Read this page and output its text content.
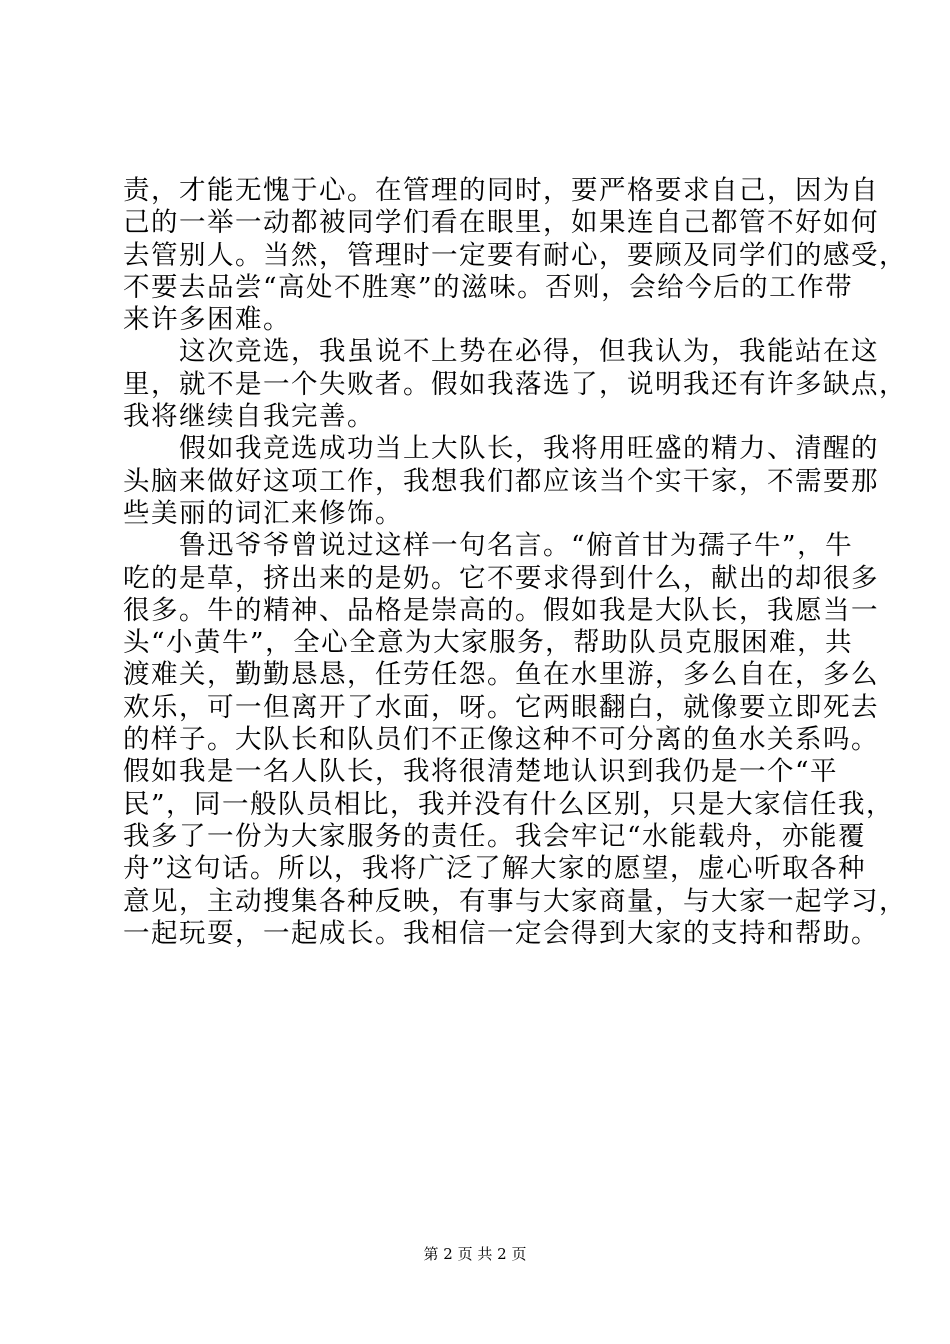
责，才能无愧于心。在管理的同时，要严格要求自己，因为自
己的一举一动都被同学们看在眼里，如果连自己都管不好如何
去管别人。当然，管理时一定要有耐心，要顾及同学们的感受，
不要去品尝“高处不胜寒”的滋味。否则，会给今后的工作带
来许多困难。
　　这次竞选，我虽说不上势在必得，但我认为，我能站在这
里，就不是一个失败者。假如我落选了，说明我还有许多缺点，
我将继续自我完善。
　　假如我竞选成功当上大队长，我将用旺盛的精力、清醒的
头脑来做好这项工作，我想我们都应该当个实干家，不需要那
些美丽的词汇来修饰。
　　鲁迅爷爷曾说过这样一句名言。“俯首甘为孺子牛”，牛
吃的是草，挤出来的是奶。它不要求得到什么，献出的却很多
很多。牛的精神、品格是崇高的。假如我是大队长，我愿当一
头“小黄牛”，全心全意为大家服务，帮助队员克服困难，共
渡难关，勤勤恳恳，任劳任怨。鱼在水里游，多么自在，多么
欢乐，可一但离开了水面，呀。它两眼翻白，就像要立即死去
的样子。大队长和队员们不正像这种不可分离的鱼水关系吗。
假如我是一名人队长，我将很清楚地认识到我仍是一个“平
民”，同一般队员相比，我并没有什么区别，只是大家信任我，
我多了一份为大家服务的责任。我会牢记“水能载舟，亦能覆
舟”这句话。所以，我将广泛了解大家的愿望，虚心听取各种
意见，主动搜集各种反映，有事与大家商量，与大家一起学习，
一起玩耍，一起成长。我相信一定会得到大家的支持和帮助。
第 2 页 共 2 页
